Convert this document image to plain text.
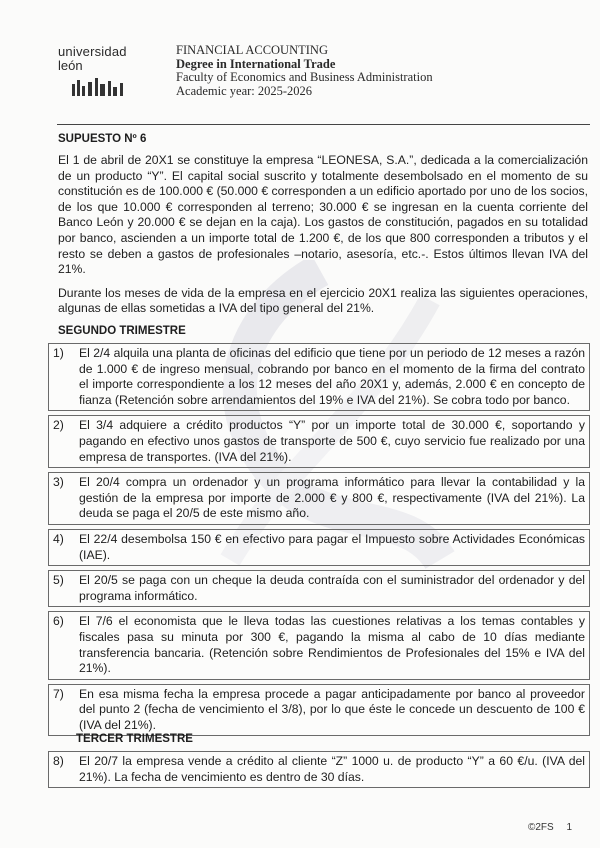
universidad
león
FINANCIAL ACCOUNTING
Degree in International Trade
Faculty of Economics and Business Administration
Academic year: 2025-2026
SUPUESTO Nº 6

El 1 de abril de 20X1 se constituye la empresa “LEONESA, S.A.”, dedicada a la comercialización de un producto “Y”. El capital social suscrito y totalmente desembolsado en el momento de su constitución es de 100.000 € (50.000 € corresponden a un edificio aportado por uno de los socios, de los que 10.000 € corresponden al terreno; 30.000 € se ingresan en la cuenta corriente del Banco León y 20.000 € se dejan en la caja). Los gastos de constitución, pagados en su totalidad por banco, ascienden a un importe total de 1.200 €, de los que 800 corresponden a tributos y el resto se deben a gastos de profesionales –notario, asesoría, etc.-. Estos últimos llevan IVA del 21%.

Durante los meses de vida de la empresa en el ejercicio 20X1 realiza las siguientes operaciones, algunas de ellas sometidas a IVA del tipo general del 21%.

SEGUNDO TRIMESTRE
1)	El 2/4 alquila una planta de oficinas del edificio que tiene por un periodo de 12 meses a razón de 1.000 € de ingreso mensual, cobrando por banco en el momento de la firma del contrato el importe correspondiente a los 12 meses del año 20X1 y, además, 2.000 € en concepto de fianza (Retención sobre arrendamientos del 19% e IVA del 21%). Se cobra todo por banco.
2)	El 3/4 adquiere a crédito productos “Y” por un importe total de 30.000 €, soportando y pagando en efectivo unos gastos de transporte de 500 €, cuyo servicio fue realizado por una empresa de transportes. (IVA del 21%).
3)	El 20/4 compra un ordenador y un programa informático para llevar la contabilidad y la gestión de la empresa por importe de 2.000 € y 800 €, respectivamente (IVA del 21%). La deuda se paga el 20/5 de este mismo año.
4)	El 22/4 desembolsa 150 € en efectivo para pagar el Impuesto sobre Actividades Económicas (IAE).
5)	El 20/5 se paga con un cheque la deuda contraída con el suministrador del ordenador y del programa informático.
6)	El 7/6 el economista que le lleva todas las cuestiones relativas a los temas contables y fiscales pasa su minuta por 300 €, pagando la misma al cabo de 10 días mediante transferencia bancaria. (Retención sobre Rendimientos de Profesionales del 15% e IVA del 21%).
7)	En esa misma fecha la empresa procede a pagar anticipadamente por banco al proveedor del punto 2 (fecha de vencimiento el 3/8), por lo que éste le concede un descuento de 100 € (IVA del 21%).
TERCER TRIMESTRE
8)	El 20/7 la empresa vende a crédito al cliente “Z” 1000 u. de producto “Y” a 60 €/u. (IVA del 21%). La fecha de vencimiento es dentro de 30 días.
©2FS 1
